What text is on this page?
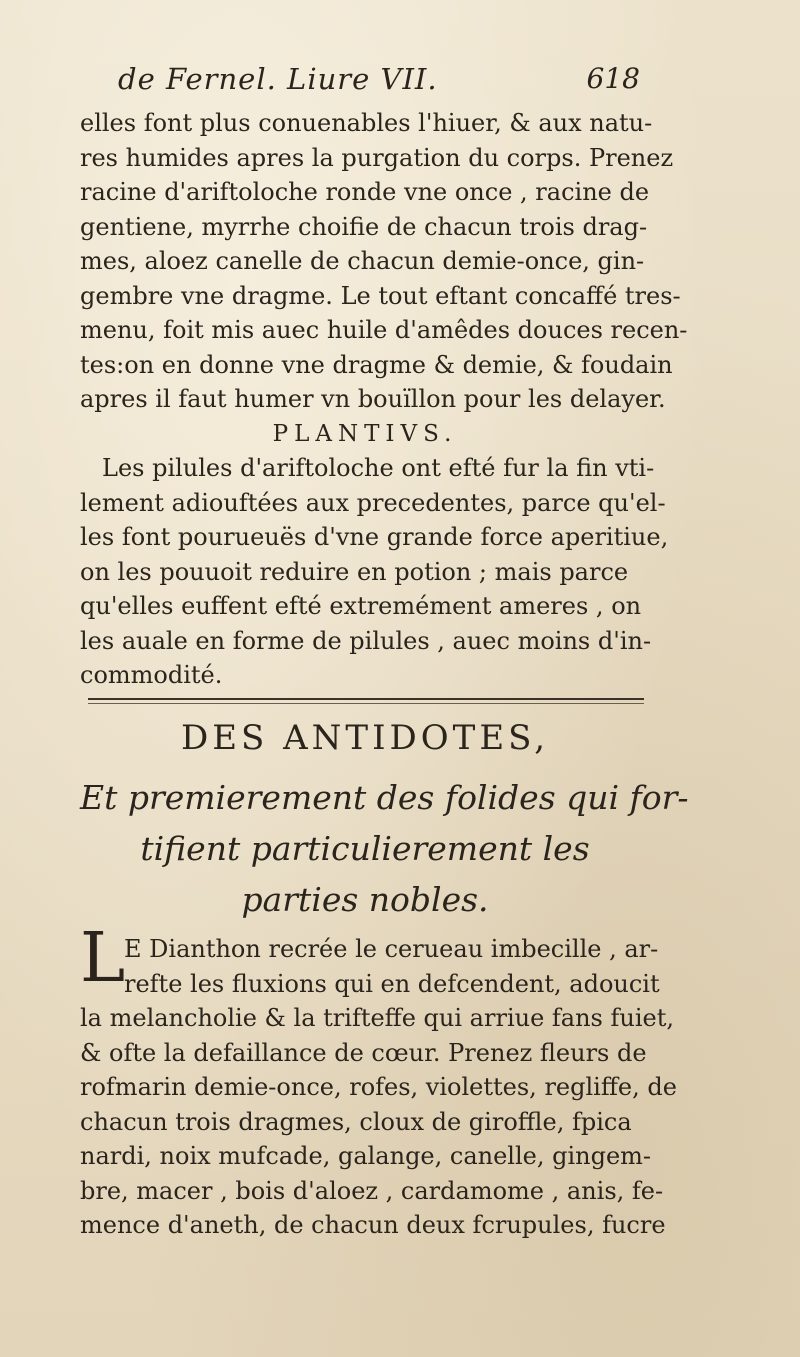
de Fernel. Liure VII.	618
elles font plus conuenables l'hiuer, & aux natu-
res humides apres la purgation du corps. Prenez
racine d'ariftoloche ronde vne once , racine de
gentiene, myrrhe choifie de chacun trois drag-
mes, aloez canelle de chacun demie-once, gin-
gembre vne dragme. Le tout eftant concaffé tres-
menu, foit mis auec huile d'amêdes douces recen-
tes:on en donne vne dragme & demie, & foudain
apres il faut humer vn bouïllon pour les delayer.
PLANTIVS.
Les pilules d'ariftoloche ont efté fur la fin vti-
lement adiouftées aux precedentes, parce qu'el-
les font pourueuës d'vne grande force aperitiue,
on les pouuoit reduire en potion ; mais parce
qu'elles euffent efté extremément ameres , on
les auale en forme de pilules , auec moins d'in-
commodité.
DES ANTIDOTES,
Et premierement des folides qui for-
tifient particulierement les
parties nobles.
L
E Dianthon recrée le cerueau imbecille , ar-
refte les fluxions qui en defcendent, adoucit
la melancholie & la trifteffe qui arriue fans fuiet,
& ofte la defaillance de cœur. Prenez fleurs de
rofmarin demie-once, rofes, violettes, regliffe, de
chacun trois dragmes, cloux de giroffle, fpica
nardi, noix mufcade, galange, canelle, gingem-
bre, macer , bois d'aloez , cardamome , anis, fe-
mence d'aneth, de chacun deux fcrupules, fucre
